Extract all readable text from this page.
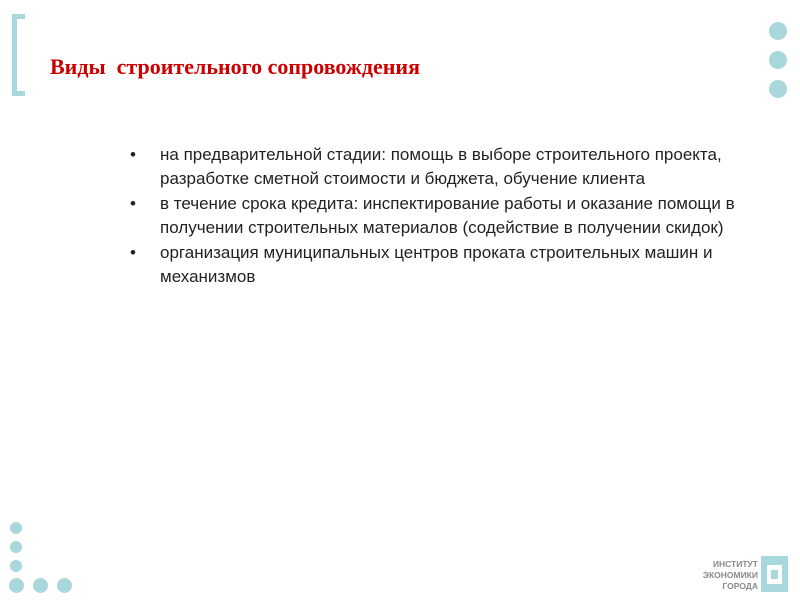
Виды  строительного сопровождения
• на предварительной стадии: помощь в выборе строительного проекта, разработке сметной стоимости и бюджета, обучение клиента
• в течение срока кредита: инспектирование работы и оказание помощи в получении строительных материалов (содействие в получении скидок)
• организация муниципальных центров проката строительных машин и механизмов
ИНСТИТУТ
ЭКОНОМИКИ
ГОРОДА
